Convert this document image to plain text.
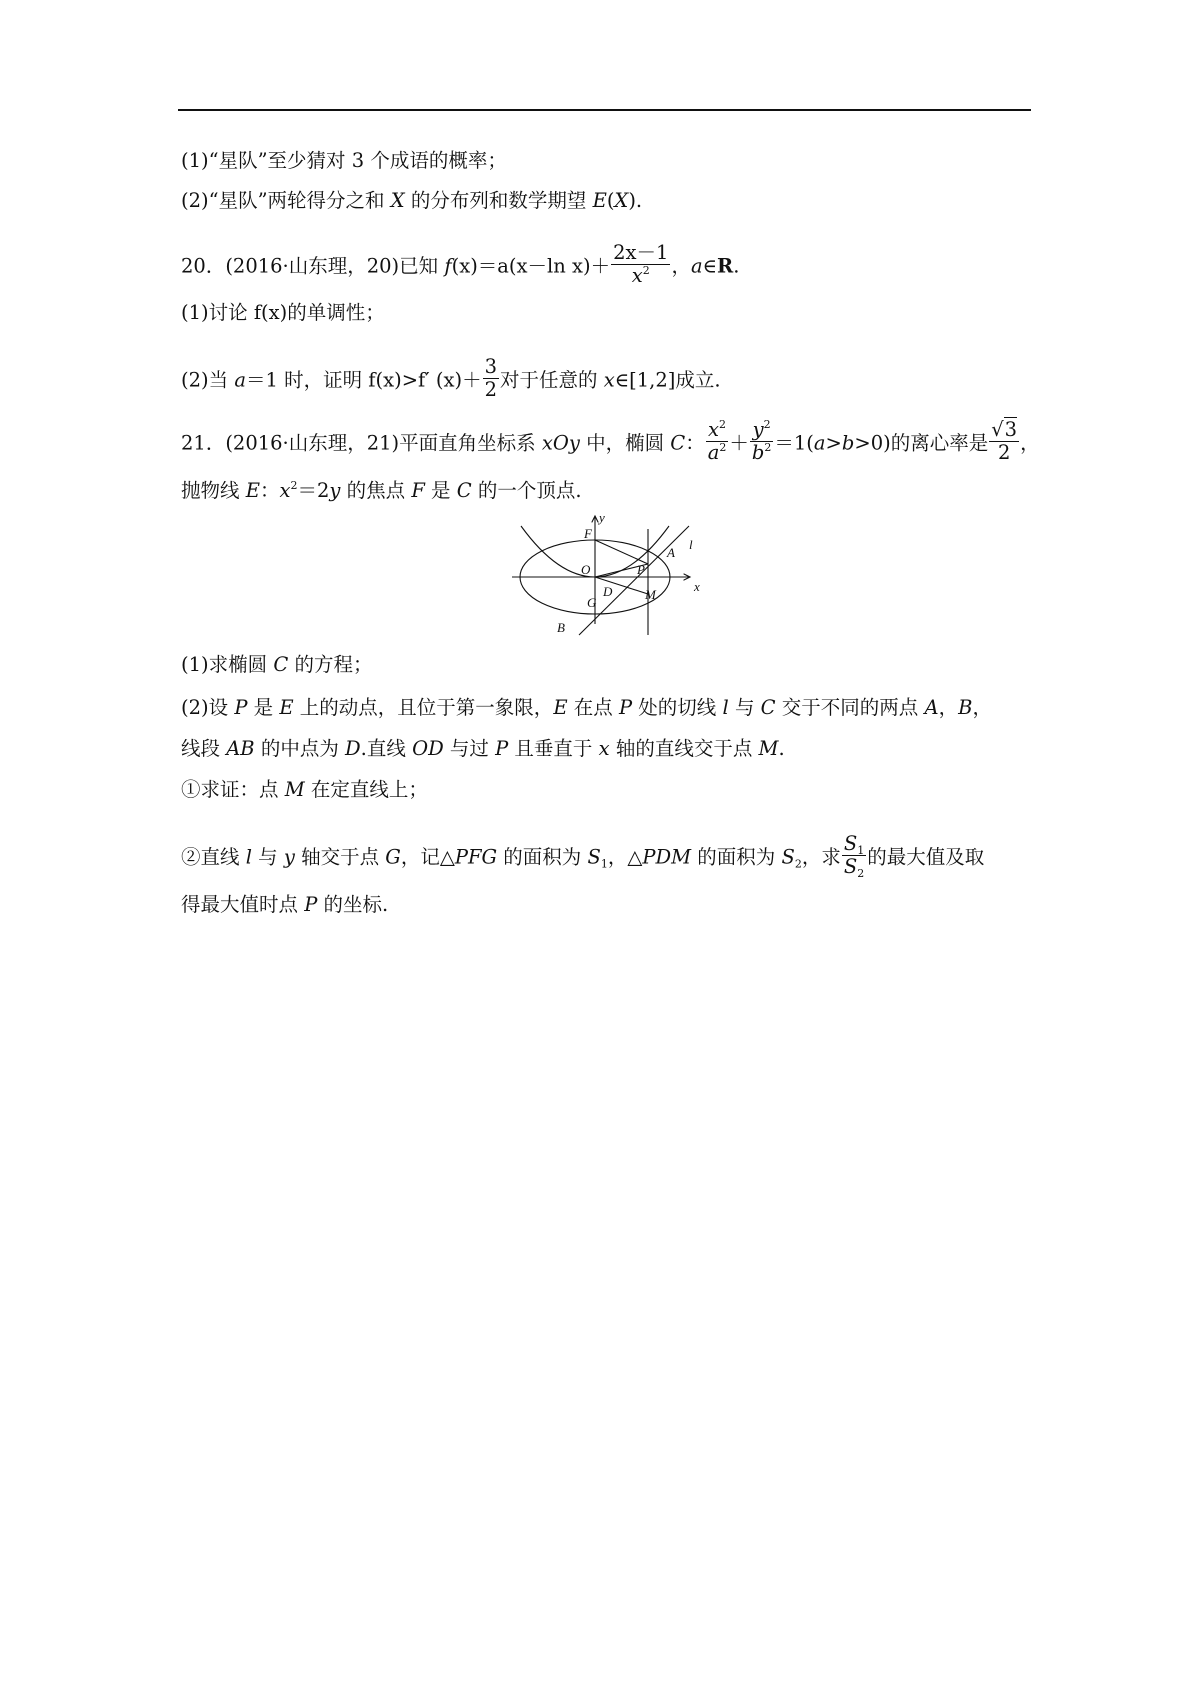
(1)“星队”至少猜对 3 个成语的概率；
(2)“星队”两轮得分之和 X 的分布列和数学期望 E(X).
20．(2016·山东理，20)已知 f(x)＝a(x－ln $x)+ \frac{2x-1}{x^2}$ ，a∈R.
(1)讨论 f(x)的单调性；
(2)当 a＝1 时，证明 f(x)>f′ $(x)+ \frac{3}{2}$ 对于任意的 x∈[1,2]成立.
21．(2016·山东理，21)平面直角坐标系 xOy 中，椭圆 C： $\frac{x^2}{a^2} + \frac{y^2}{b^2} =1(a>b>0)$的离心率是 $\frac{√3}{2}$ ，
抛物线 E：$x^2=2y$ 的焦点 F 是 C 的一个顶点.
F
y
O	P
A
l
G
D	M
x
B
(1)求椭圆 C 的方程；
(2)设 P 是 E 上的动点，且位于第一象限，E 在点 P 处的切线 l 与 C 交于不同的两点 A，B，
线段 AB 的中点为 D.直线 OD 与过 P 且垂直于 x 轴的直线交于点 M.
①求证：点 M 在定直线上；
②直线 l 与 y 轴交于点 G，记△PFG 的面积为 $S_1$，△PDM 的面积为 $S_2$，求 $\frac{S_1}{S_2}$ 的最大值及取
得最大值时点 P 的坐标.
